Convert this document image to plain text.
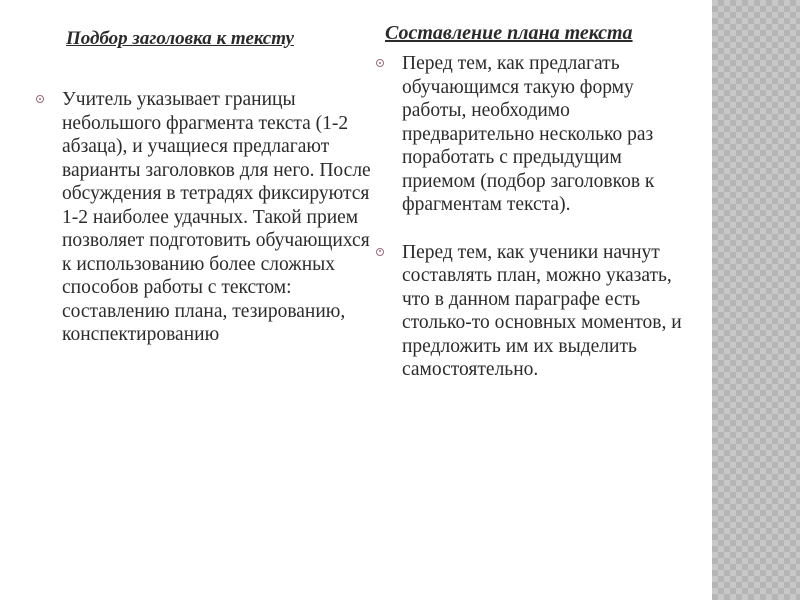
Подбор заголовка к тексту	Составление плана текста
Учитель указывает границы небольшого фрагмента текста (1-2 абзаца), и учащиеся предлагают варианты заголовков для него. После обсуждения в тетрадях фиксируются 1-2 наиболее удачных. Такой прием позволяет подготовить обучающихся к использованию более сложных способов работы с текстом: составлению плана, тезированию, конспектированию
Перед тем, как предлагать обучающимся такую форму работы, необходимо предварительно несколько раз поработать с предыдущим приемом (подбор заголовков к фрагментам текста).
Перед тем, как ученики начнут составлять план, можно указать, что в данном параграфе есть столько-то основных моментов, и предложить им их выделить самостоятельно.
